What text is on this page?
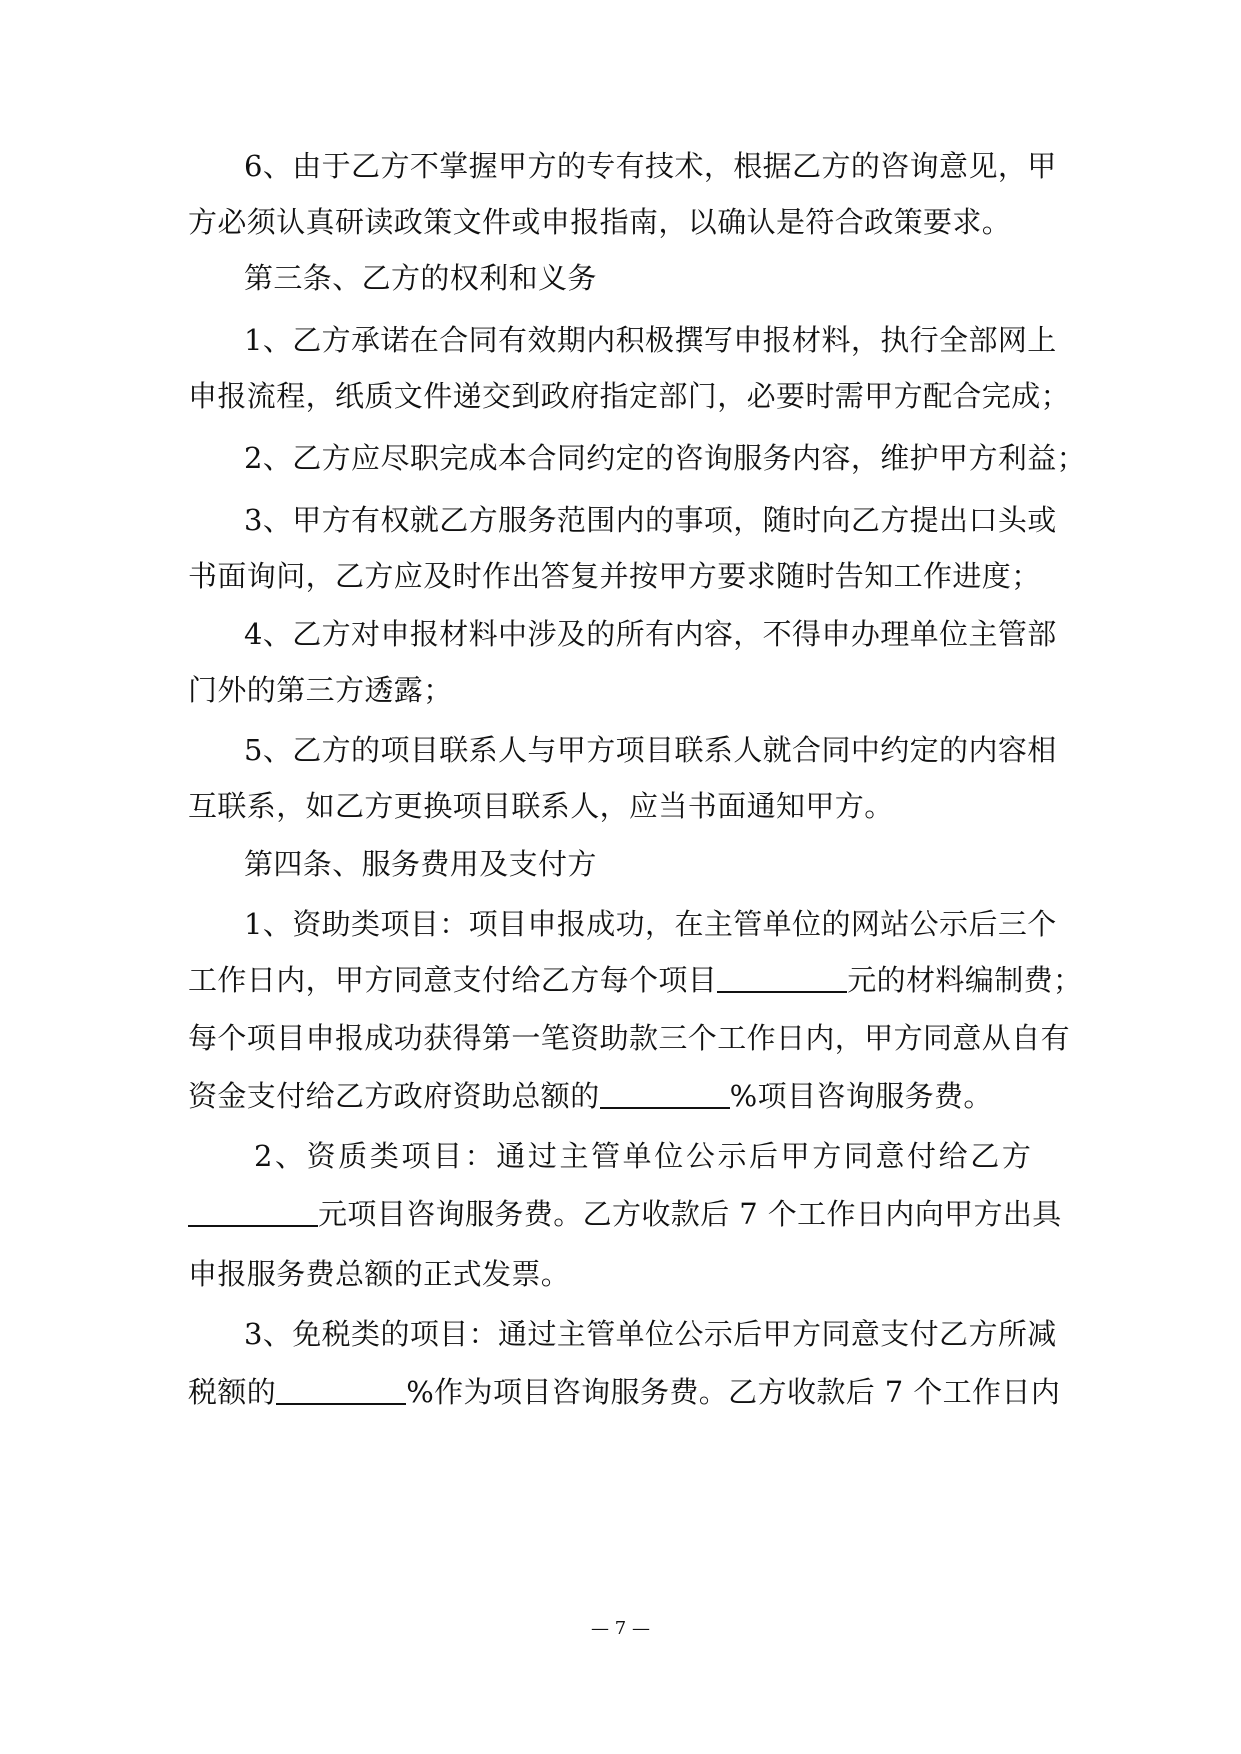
6、由于乙方不掌握甲方的专有技术，根据乙方的咨询意见，甲
方必须认真研读政策文件或申报指南，以确认是符合政策要求。
第三条、乙方的权利和义务
1、乙方承诺在合同有效期内积极撰写申报材料，执行全部网上
申报流程，纸质文件递交到政府指定部门，必要时需甲方配合完成；
2、乙方应尽职完成本合同约定的咨询服务内容，维护甲方利益；
3、甲方有权就乙方服务范围内的事项，随时向乙方提出口头或
书面询问，乙方应及时作出答复并按甲方要求随时告知工作进度；
4、乙方对申报材料中涉及的所有内容，不得申办理单位主管部
门外的第三方透露；
5、乙方的项目联系人与甲方项目联系人就合同中约定的内容相
互联系，如乙方更换项目联系人，应当书面通知甲方。
第四条、服务费用及支付方
1、资助类项目：项目申报成功，在主管单位的网站公示后三个
工作日内，甲方同意支付给乙方每个项目	元的材料编制费；
每个项目申报成功获得第一笔资助款三个工作日内，甲方同意从自有
资金支付给乙方政府资助总额的	%项目咨询服务费。
2、资质类项目：通过主管单位公示后甲方同意付给乙方
元项目咨询服务费。乙方收款后 7 个工作日内向甲方出具
申报服务费总额的正式发票。
3、免税类的项目：通过主管单位公示后甲方同意支付乙方所减
税额的	%作为项目咨询服务费。乙方收款后 7 个工作日内
— 7 —
